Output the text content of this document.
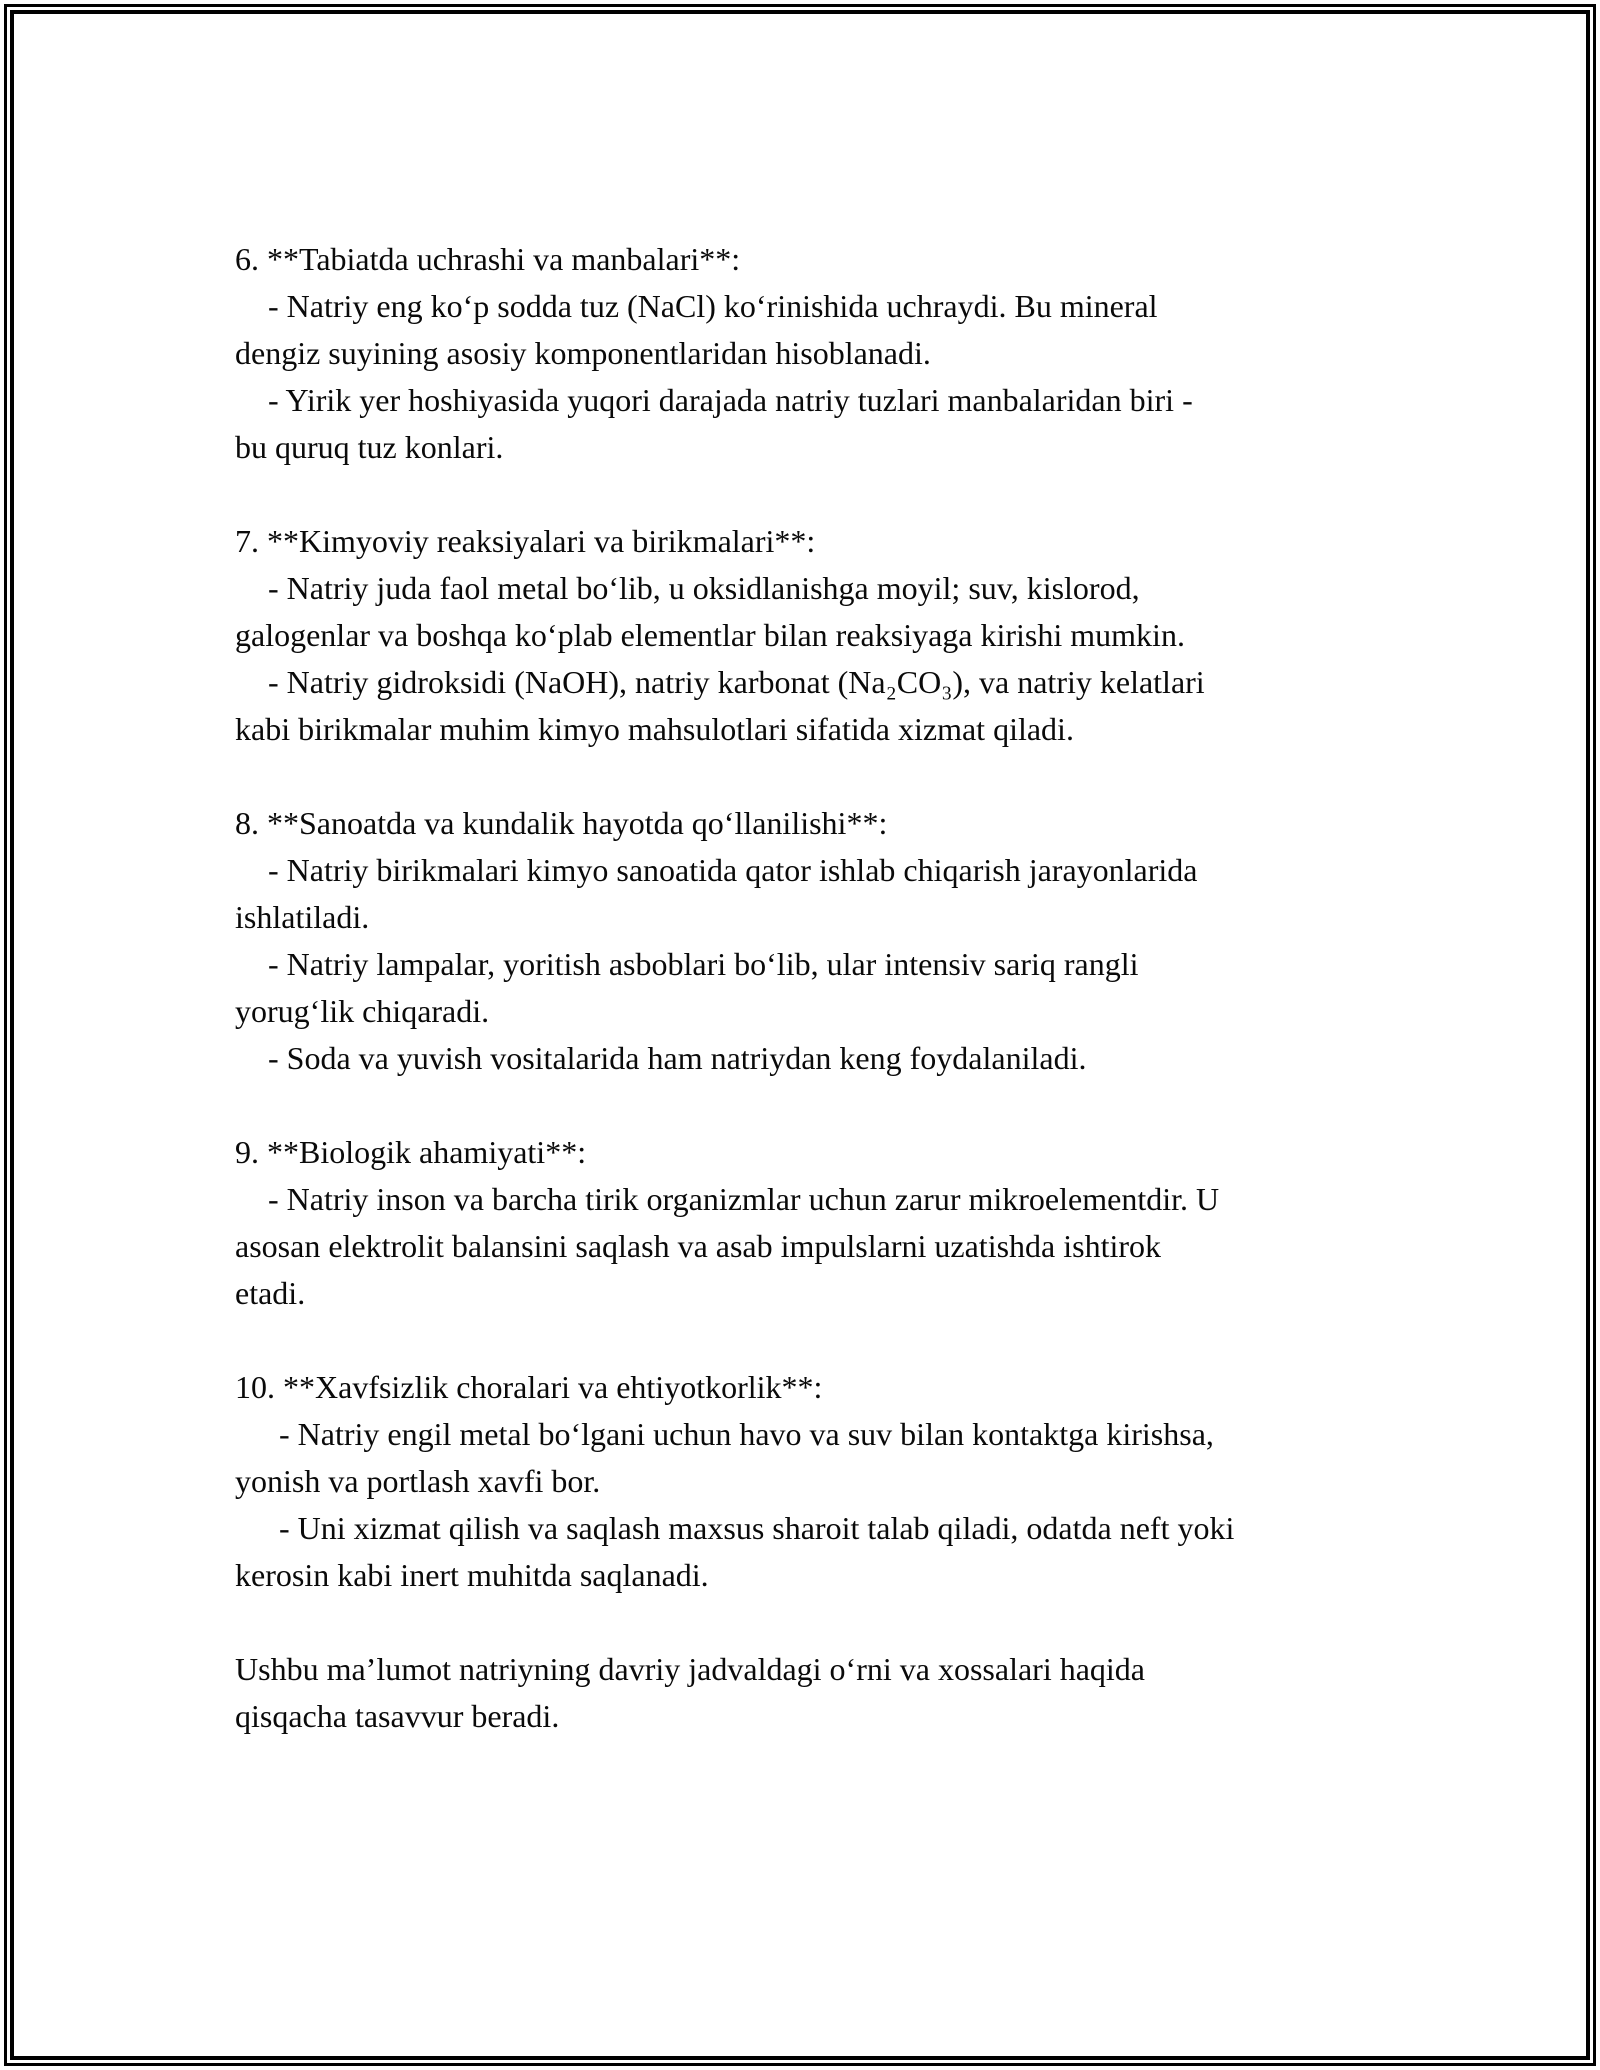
6. **Tabiatda uchrashi va manbalari**:
- Natriy eng koʻp sodda tuz (NaCl) koʻrinishida uchraydi. Bu mineral
dengiz suyining asosiy komponentlaridan hisoblanadi.
- Yirik yer hoshiyasida yuqori darajada natriy tuzlari manbalaridan biri -
bu quruq tuz konlari.
7. **Kimyoviy reaksiyalari va birikmalari**:
- Natriy juda faol metal boʻlib, u oksidlanishga moyil; suv, kislorod,
galogenlar va boshqa koʻplab elementlar bilan reaksiyaga kirishi mumkin.
- Natriy gidroksidi (NaOH), natriy karbonat (Na₂CO₃), va natriy kelatlari
kabi birikmalar muhim kimyo mahsulotlari sifatida xizmat qiladi.
8. **Sanoatda va kundalik hayotda qoʻllanilishi**:
- Natriy birikmalari kimyo sanoatida qator ishlab chiqarish jarayonlarida
ishlatiladi.
- Natriy lampalar, yoritish asboblari boʻlib, ular intensiv sariq rangli
yorugʻlik chiqaradi.
- Soda va yuvish vositalarida ham natriydan keng foydalaniladi.
9. **Biologik ahamiyati**:
- Natriy inson va barcha tirik organizmlar uchun zarur mikroelementdir. U
asosan elektrolit balansini saqlash va asab impulslarni uzatishda ishtirok
etadi.
10. **Xavfsizlik choralari va ehtiyotkorlik**:
- Natriy engil metal boʻlgani uchun havo va suv bilan kontaktga kirishsa,
yonish va portlash xavfi bor.
- Uni xizmat qilish va saqlash maxsus sharoit talab qiladi, odatda neft yoki
kerosin kabi inert muhitda saqlanadi.
Ushbu ma’lumot natriyning davriy jadvaldagi oʻrni va xossalari haqida
qisqacha tasavvur beradi.
